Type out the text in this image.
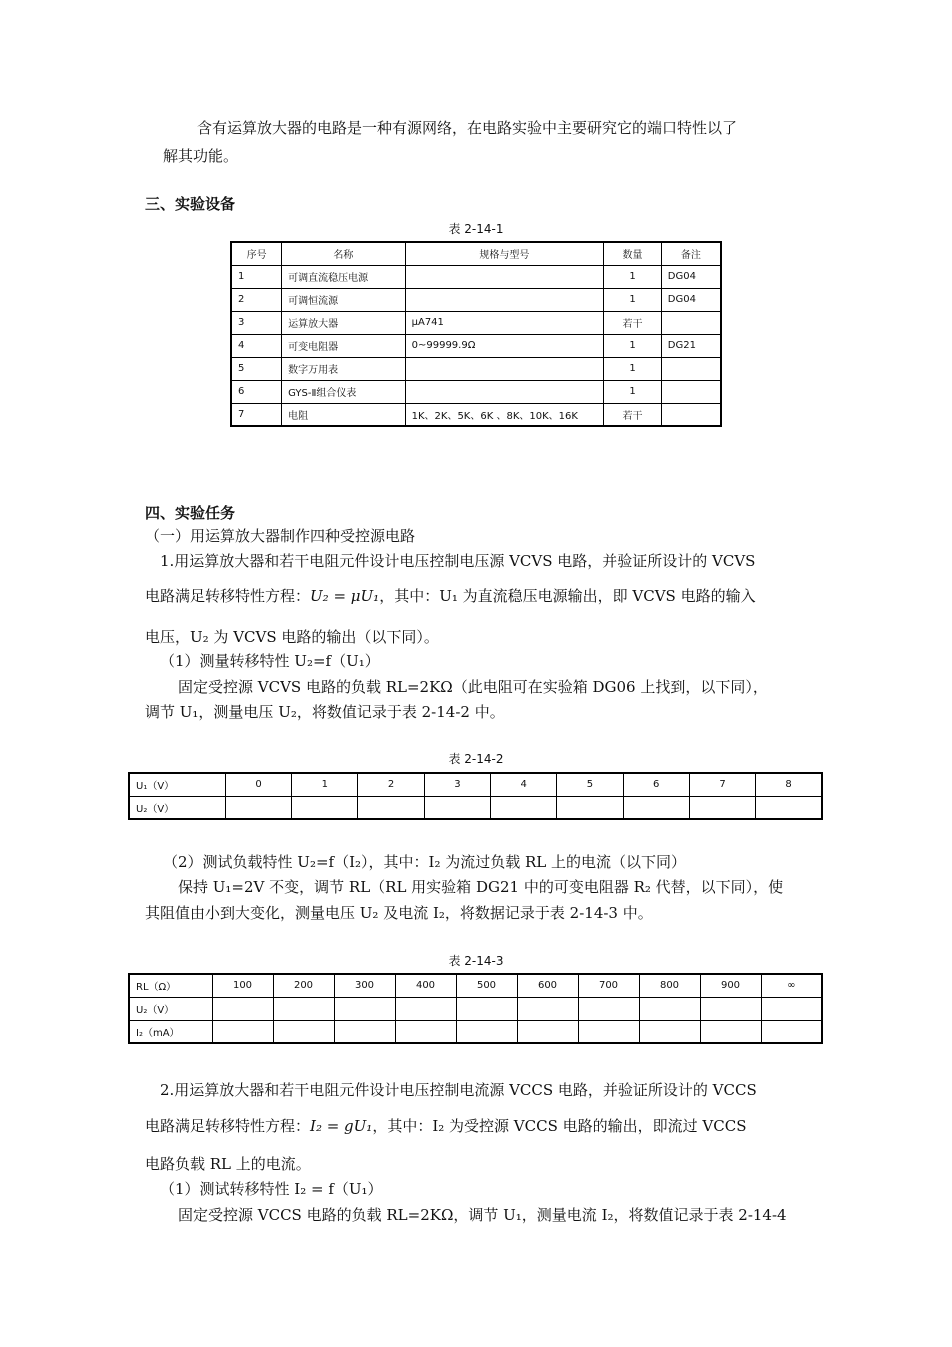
含有运算放大器的电路是一种有源网络，在电路实验中主要研究它的端口特性以了
解其功能。
三、实验设备
表 2-14-1
序号	名称	规格与型号	数量	备注
1	可调直流稳压电源		1	DG04
2	可调恒流源		1	DG04
3	运算放大器	μA741	若干	
4	可变电阻器	0~99999.9Ω	1	DG21
5	数字万用表		1	
6	GYS-Ⅱ组合仪表		1	
7	电阻	1K、2K、5K、6K 、8K、10K、16K	若干	
四、实验任务
（一）用运算放大器制作四种受控源电路
1.用运算放大器和若干电阻元件设计电压控制电压源 VCVS 电路，并验证所设计的 VCVS
电路满足转移特性方程：U₂ = μU₁，其中：U₁ 为直流稳压电源输出，即 VCVS 电路的输入
电压，U₂ 为 VCVS 电路的输出（以下同）。
（1）测量转移特性 U₂=f（U₁）
固定受控源 VCVS 电路的负载 RL=2KΩ（此电阻可在实验箱 DG06 上找到，以下同），
调节 U₁，测量电压 U₂，将数值记录于表 2-14-2 中。
表 2-14-2
U₁（V）	0	1	2	3	4	5	6	7	8
U₂（V）									
（2）测试负载特性 U₂=f（I₂），其中：I₂ 为流过负载 RL 上的电流（以下同）
保持 U₁=2V 不变，调节 RL（RL 用实验箱 DG21 中的可变电阻器 R₂ 代替，以下同），使
其阻值由小到大变化，测量电压 U₂ 及电流 I₂，将数据记录于表 2-14-3 中。
表 2-14-3
RL（Ω）	100	200	300	400	500	600	700	800	900	∞
U₂（V）										
I₂（mA）										
2.用运算放大器和若干电阻元件设计电压控制电流源 VCCS 电路，并验证所设计的 VCCS
电路满足转移特性方程：I₂ = gU₁，其中：I₂ 为受控源 VCCS 电路的输出，即流过 VCCS
电路负载 RL 上的电流。
（1）测试转移特性 I₂ = f（U₁）
固定受控源 VCCS 电路的负载 RL=2KΩ，调节 U₁，测量电流 I₂，将数值记录于表 2-14-4
